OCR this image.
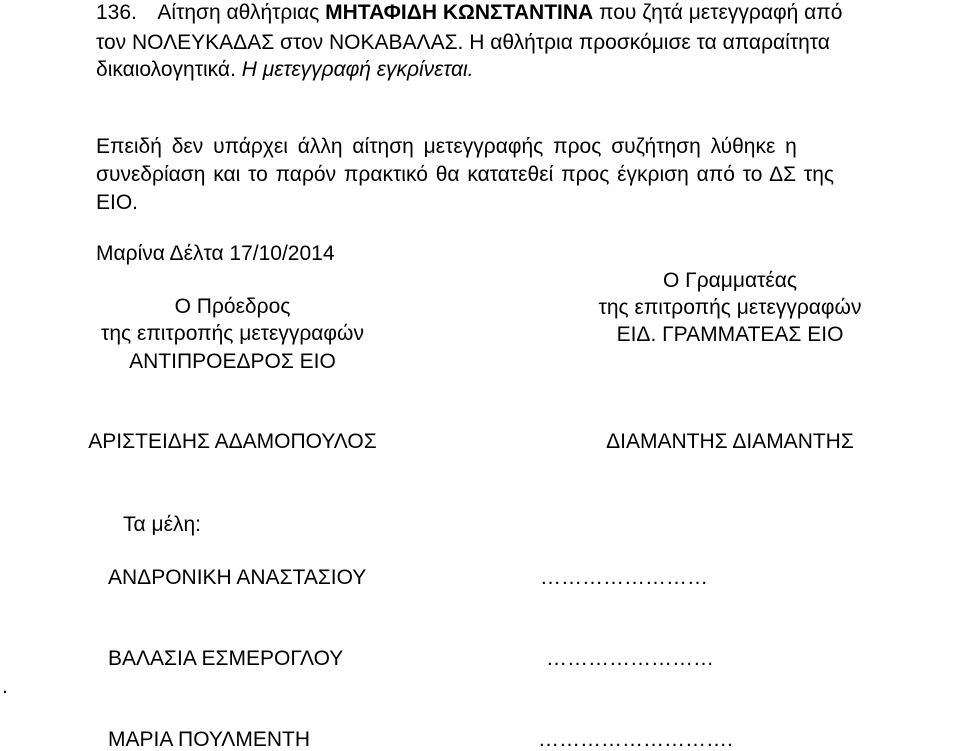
136. Αίτηση αθλήτριας ΜΗΤΑΦΙΔΗ ΚΩΝΣΤΑΝΤΙΝΑ που ζητά μετεγγραφή από
τον ΝΟΛΕΥΚΑΔΑΣ στον ΝΟΚΑΒΑΛΑΣ. Η αθλήτρια προσκόμισε τα απαραίτητα
δικαιολογητικά. Η μετεγγραφή εγκρίνεται.
Επειδή δεν υπάρχει άλλη αίτηση μετεγγραφής προς συζήτηση λύθηκε η
συνεδρίαση και το παρόν πρακτικό θα κατατεθεί προς έγκριση από το ΔΣ της
ΕΙΟ.
Μαρίνα Δέλτα 17/10/2014
Ο Πρόεδρος
της επιτροπής μετεγγραφών
ΑΝΤΙΠΡΟΕΔΡΟΣ ΕΙΟ
ΑΡΙΣΤΕΙΔΗΣ ΑΔΑΜΟΠΟΥΛΟΣ
Ο Γραμματέας
της επιτροπής μετεγγραφών
ΕΙΔ. ΓΡΑΜΜΑΤΕΑΣ ΕΙΟ
ΔΙΑΜΑΝΤΗΣ ΔΙΑΜΑΝΤΗΣ
Τα μέλη:
ΑΝΔΡΟΝΙΚΗ ΑΝΑΣΤΑΣΙΟΥ	……………………
ΒΑΛΑΣΙΑ ΕΣΜΕΡΟΓΛΟΥ	……………………
ΜΑΡΙΑ ΠΟΥΛΜΕΝΤΗ	……………………….
.
